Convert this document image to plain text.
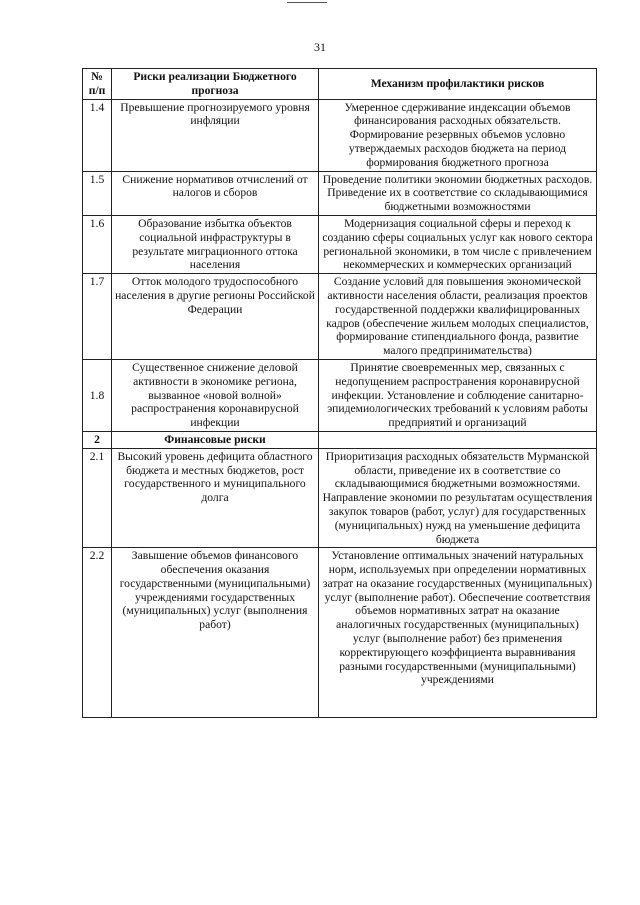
31
№ п/п	Риски реализации Бюджетного прогноза	Механизм профилактики рисков
1.4	Превышение прогнозируемого уровня инфляции	Умеренное сдерживание индексации объемов финансирования расходных обязательств. Формирование резервных объемов условно утверждаемых расходов бюджета на период формирования бюджетного прогноза
1.5	Снижение нормативов отчислений от налогов и сборов	Проведение политики экономии бюджетных расходов. Приведение их в соответствие со складывающимися бюджетными возможностями
1.6	Образование избытка объектов социальной инфраструктуры в результате миграционного оттока населения	Модернизация социальной сферы и переход к созданию сферы социальных услуг как нового сектора региональной экономики, в том числе с привлечением некоммерческих и коммерческих организаций
1.7	Отток молодого трудоспособного населения в другие регионы Российской Федерации	Создание условий для повышения экономической активности населения области, реализация проектов государственной поддержки квалифицированных кадров (обеспечение жильем молодых специалистов, формирование стипендиального фонда, развитие малого предпринимательства)
1.8	Существенное снижение деловой активности в экономике региона, вызванное «новой волной» распространения коронавирусной инфекции	Принятие своевременных мер, связанных с недопущением распространения коронавирусной инфекции. Установление и соблюдение санитарно-эпидемиологических требований к условиям работы предприятий и организаций
2	Финансовые риски	
2.1	Высокий уровень дефицита областного бюджета и местных бюджетов, рост государственного и муниципального долга	Приоритизация расходных обязательств Мурманской области, приведение их в соответствие со складывающимися бюджетными возможностями. Направление экономии по результатам осуществления закупок товаров (работ, услуг) для государственных (муниципальных) нужд на уменьшение дефицита бюджета
2.2	Завышение объемов финансового обеспечения оказания государственными (муниципальными) учреждениями государственных (муниципальных) услуг (выполнения работ)	Установление оптимальных значений натуральных норм, используемых при определении нормативных затрат на оказание государственных (муниципальных) услуг (выполнение работ). Обеспечение соответствия объемов нормативных затрат на оказание аналогичных государственных (муниципальных) услуг (выполнение работ) без применения корректирующего коэффициента выравнивания разными государственными (муниципальными) учреждениями
